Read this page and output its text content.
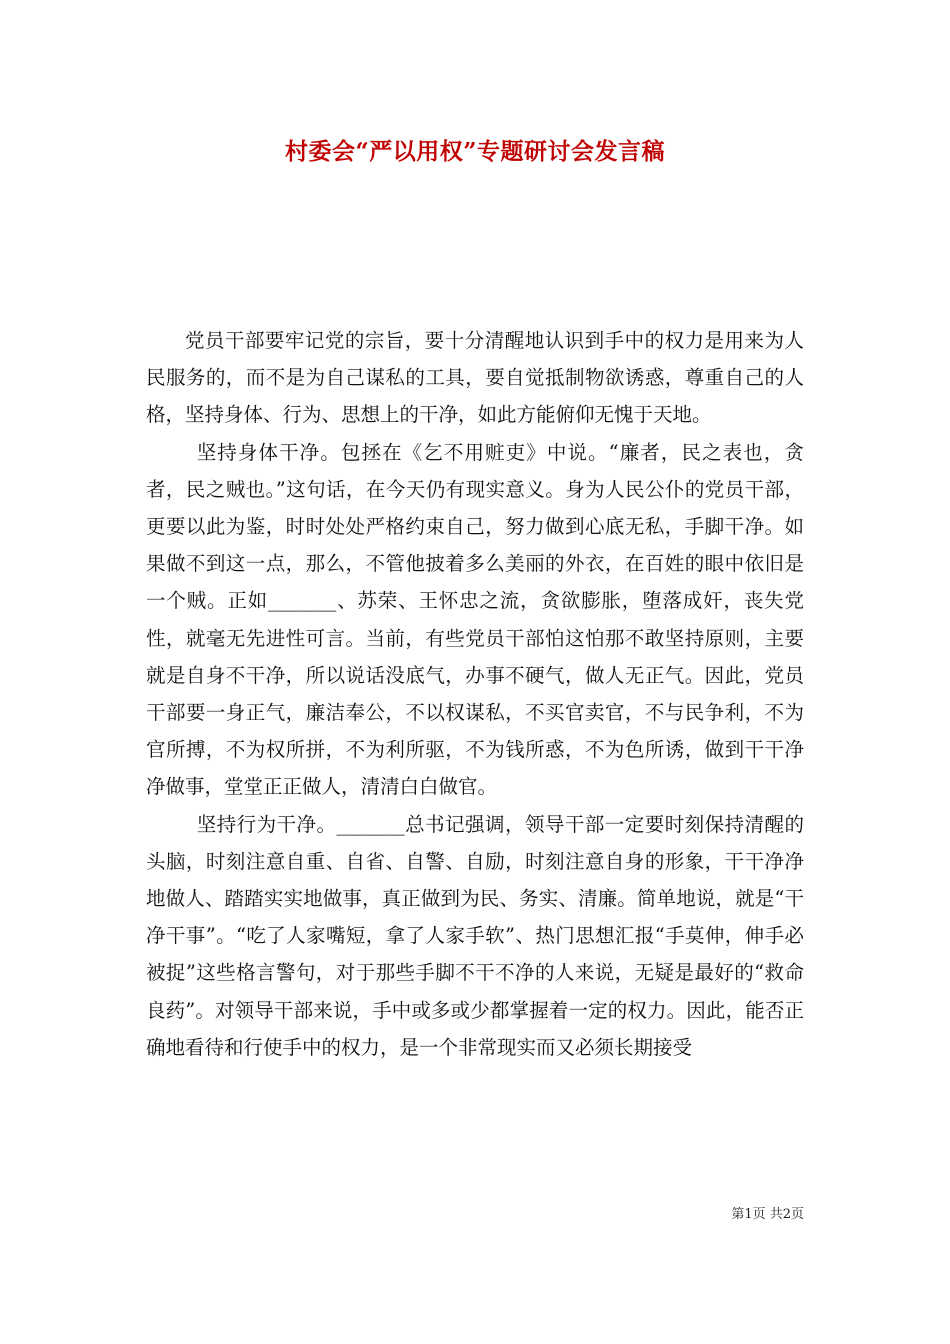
村委会“严以用权”专题研讨会发言稿

党员干部要牢记党的宗旨，要十分清醒地认识到手中的权力是用来为人民服务的，而不是为自己谋私的工具，要自觉抵制物欲诱惑，尊重自己的人格，坚持身体、行为、思想上的干净，如此方能俯仰无愧于天地。

坚持身体干净。包拯在《乞不用赃吏》中说。“廉者，民之表也，贪者，民之贼也。”这句话，在今天仍有现实意义。身为人民公仆的党员干部，更要以此为鉴，时时处处严格约束自己，努力做到心底无私，手脚干净。如果做不到这一点，那么，不管他披着多么美丽的外衣，在百姓的眼中依旧是一个贼。正如_______、苏荣、王怀忠之流，贪欲膨胀，堕落成奸，丧失党性，就毫无先进性可言。当前，有些党员干部怕这怕那不敢坚持原则，主要就是自身不干净，所以说话没底气，办事不硬气，做人无正气。因此，党员干部要一身正气，廉洁奉公，不以权谋私，不买官卖官，不与民争利，不为官所搏，不为权所拼，不为利所驱，不为钱所惑，不为色所诱，做到干干净净做事，堂堂正正做人，清清白白做官。

坚持行为干净。_______总书记强调，领导干部一定要时刻保持清醒的头脑，时刻注意自重、自省、自警、自励，时刻注意自身的形象，干干净净地做人、踏踏实实地做事，真正做到为民、务实、清廉。简单地说，就是“干净干事”。“吃了人家嘴短，拿了人家手软”、热门思想汇报“手莫伸，伸手必被捉”这些格言警句，对于那些手脚不干不净的人来说，无疑是最好的“救命良药”。对领导干部来说，手中或多或少都掌握着一定的权力。因此，能否正确地看待和行使手中的权力，是一个非常现实而又必须长期接受

第1页 共2页
